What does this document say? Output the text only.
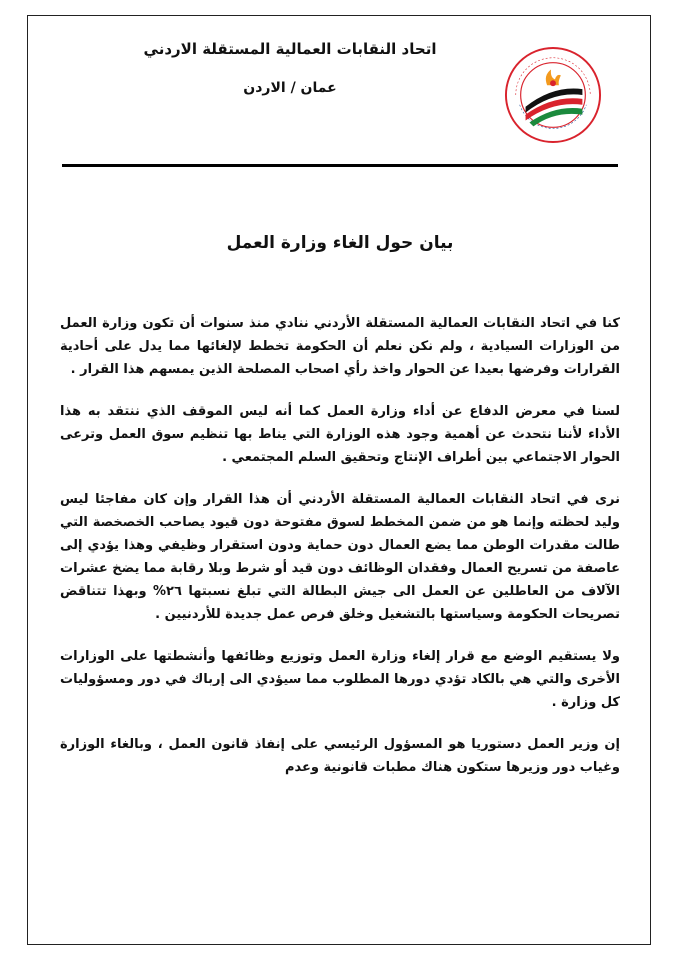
اتحاد النقابات العمالية المستقلة الاردني
عمان / الاردن
بيان حول الغاء وزارة العمل

كنا في اتحاد النقابات العمالية المستقلة الأردني ننادي منذ سنوات أن تكون وزارة العمل من الوزارات السيادية ، ولم نكن نعلم أن الحكومة تخطط لإلغائها مما يدل على أحادية القرارات وفرضها بعيدا عن الحوار واخذ رأي اصحاب المصلحة الذين يمسهم هذا القرار .

لسنا في معرض الدفاع عن أداء وزارة العمل كما أنه ليس الموقف الذي ننتقد به هذا الأداء لأننا نتحدث عن أهمية وجود هذه الوزارة التي يناط بها تنظيم سوق العمل وترعى الحوار الاجتماعي بين أطراف الإنتاج وتحقيق السلم المجتمعي .

نرى في اتحاد النقابات العمالية المستقلة الأردني أن هذا القرار وإن كان مفاجئا ليس وليد لحظته وإنما هو من ضمن المخطط لسوق مفتوحة دون قيود يصاحب الخصخصة التي طالت مقدرات الوطن مما يضع العمال دون حماية ودون استقرار وظيفي وهذا يؤدي إلى عاصفة من تسريح العمال وفقدان الوظائف دون قيد أو شرط وبلا رقابة مما يضخ عشرات الآلاف من العاطلين عن العمل الى جيش البطالة التي تبلغ نسبتها ٢٦% وبهذا تتناقض تصريحات الحكومة وسياستها بالتشغيل وخلق فرص عمل جديدة للأردنيين .

ولا يستقيم الوضع مع قرار إلغاء وزارة العمل وتوزيع وظائفها وأنشطتها على الوزارات الأخرى والتي هي بالكاد تؤدي دورها المطلوب مما سيؤدي الى إرباك في دور ومسؤوليات كل وزارة .

إن وزير العمل دستوريا هو المسؤول الرئيسي على إنفاذ قانون العمل ، وبالغاء الوزارة وغياب دور وزيرها ستكون هناك مطبات قانونية وعدم
